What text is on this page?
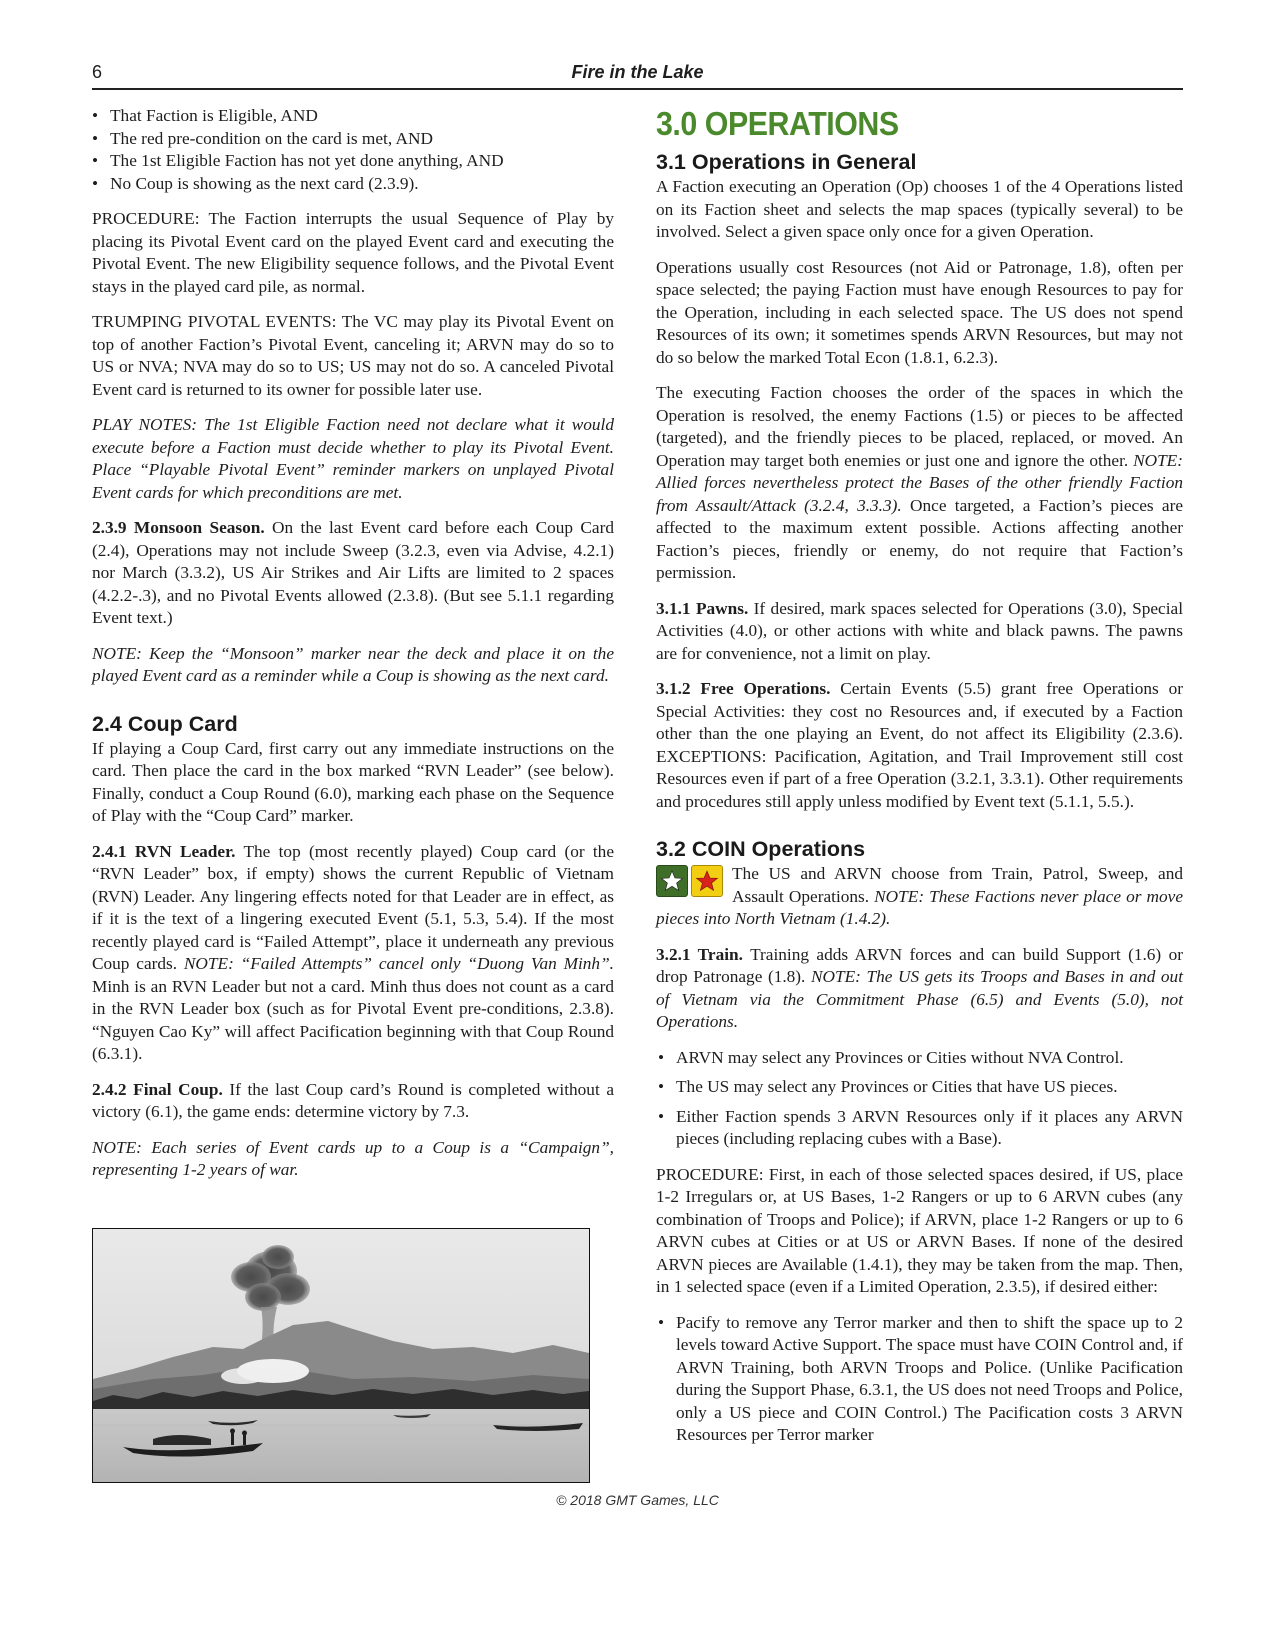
6	Fire in the Lake
• That Faction is Eligible, AND
• The red pre-condition on the card is met, AND
• The 1st Eligible Faction has not yet done anything, AND
• No Coup is showing as the next card (2.3.9).

PROCEDURE: The Faction interrupts the usual Sequence of Play by placing its Pivotal Event card on the played Event card and executing the Pivotal Event. The new Eligibility sequence follows, and the Pivotal Event stays in the played card pile, as normal.

TRUMPING PIVOTAL EVENTS: The VC may play its Pivotal Event on top of another Faction’s Pivotal Event, canceling it; ARVN may do so to US or NVA; NVA may do so to US; US may not do so. A canceled Pivotal Event card is returned to its owner for possible later use.

PLAY NOTES: The 1st Eligible Faction need not declare what it would execute before a Faction must decide whether to play its Pivotal Event. Place “Playable Pivotal Event” reminder markers on unplayed Pivotal Event cards for which preconditions are met.

2.3.9 Monsoon Season. On the last Event card before each Coup Card (2.4), Operations may not include Sweep (3.2.3, even via Advise, 4.2.1) nor March (3.3.2), US Air Strikes and Air Lifts are limited to 2 spaces (4.2.2-.3), and no Pivotal Events allowed (2.3.8). (But see 5.1.1 regarding Event text.)

NOTE: Keep the “Monsoon” marker near the deck and place it on the played Event card as a reminder while a Coup is showing as the next card.

2.4 Coup Card

If playing a Coup Card, first carry out any immediate instructions on the card. Then place the card in the box marked “RVN Leader” (see below). Finally, conduct a Coup Round (6.0), marking each phase on the Sequence of Play with the “Coup Card” marker.

2.4.1 RVN Leader. The top (most recently played) Coup card (or the “RVN Leader” box, if empty) shows the current Republic of Vietnam (RVN) Leader. Any lingering effects noted for that Leader are in effect, as if it is the text of a lingering executed Event (5.1, 5.3, 5.4). If the most recently played card is “Failed Attempt”, place it underneath any previous Coup cards. NOTE: “Failed Attempts” cancel only “Duong Van Minh”. Minh is an RVN Leader but not a card. Minh thus does not count as a card in the RVN Leader box (such as for Pivotal Event pre-conditions, 2.3.8). “Nguyen Cao Ky” will affect Pacification beginning with that Coup Round (6.3.1).

2.4.2 Final Coup. If the last Coup card’s Round is completed without a victory (6.1), the game ends: determine victory by 7.3.

NOTE: Each series of Event cards up to a Coup is a “Campaign”, representing 1-2 years of war.

3.0 OPERATIONS
3.1 Operations in General

A Faction executing an Operation (Op) chooses 1 of the 4 Operations listed on its Faction sheet and selects the map spaces (typically several) to be involved. Select a given space only once for a given Operation.

Operations usually cost Resources (not Aid or Patronage, 1.8), often per space selected; the paying Faction must have enough Resources to pay for the Operation, including in each selected space. The US does not spend Resources of its own; it sometimes spends ARVN Resources, but may not do so below the marked Total Econ (1.8.1, 6.2.3).

The executing Faction chooses the order of the spaces in which the Operation is resolved, the enemy Factions (1.5) or pieces to be affected (targeted), and the friendly pieces to be placed, replaced, or moved. An Operation may target both enemies or just one and ignore the other. NOTE: Allied forces nevertheless protect the Bases of the other friendly Faction from Assault/Attack (3.2.4, 3.3.3). Once targeted, a Faction’s pieces are affected to the maximum extent possible. Actions affecting another Faction’s pieces, friendly or enemy, do not require that Faction’s permission.

3.1.1 Pawns. If desired, mark spaces selected for Operations (3.0), Special Activities (4.0), or other actions with white and black pawns. The pawns are for convenience, not a limit on play.

3.1.2 Free Operations. Certain Events (5.5) grant free Operations or Special Activities: they cost no Resources and, if executed by a Faction other than the one playing an Event, do not affect its Eligibility (2.3.6). EXCEPTIONS: Pacification, Agitation, and Trail Improvement still cost Resources even if part of a free Operation (3.2.1, 3.3.1). Other requirements and procedures still apply unless modified by Event text (5.1.1, 5.5.).

3.2 COIN Operations

The US and ARVN choose from Train, Patrol, Sweep, and Assault Operations. NOTE: These Factions never place or move pieces into North Vietnam (1.4.2).

3.2.1 Train. Training adds ARVN forces and can build Support (1.6) or drop Patronage (1.8). NOTE: The US gets its Troops and Bases in and out of Vietnam via the Commitment Phase (6.5) and Events (5.0), not Operations.

• ARVN may select any Provinces or Cities without NVA Control.
• The US may select any Provinces or Cities that have US pieces.
• Either Faction spends 3 ARVN Resources only if it places any ARVN pieces (including replacing cubes with a Base).

PROCEDURE: First, in each of those selected spaces desired, if US, place 1-2 Irregulars or, at US Bases, 1-2 Rangers or up to 6 ARVN cubes (any combination of Troops and Police); if ARVN, place 1-2 Rangers or up to 6 ARVN cubes at Cities or at US or ARVN Bases. If none of the desired ARVN pieces are Available (1.4.1), they may be taken from the map. Then, in 1 selected space (even if a Limited Operation, 2.3.5), if desired either:

• Pacify to remove any Terror marker and then to shift the space up to 2 levels toward Active Support. The space must have COIN Control and, if ARVN Training, both ARVN Troops and Police. (Unlike Pacification during the Support Phase, 6.3.1, the US does not need Troops and Police, only a US piece and COIN Control.) The Pacification costs 3 ARVN Resources per Terror marker
© 2018 GMT Games, LLC
